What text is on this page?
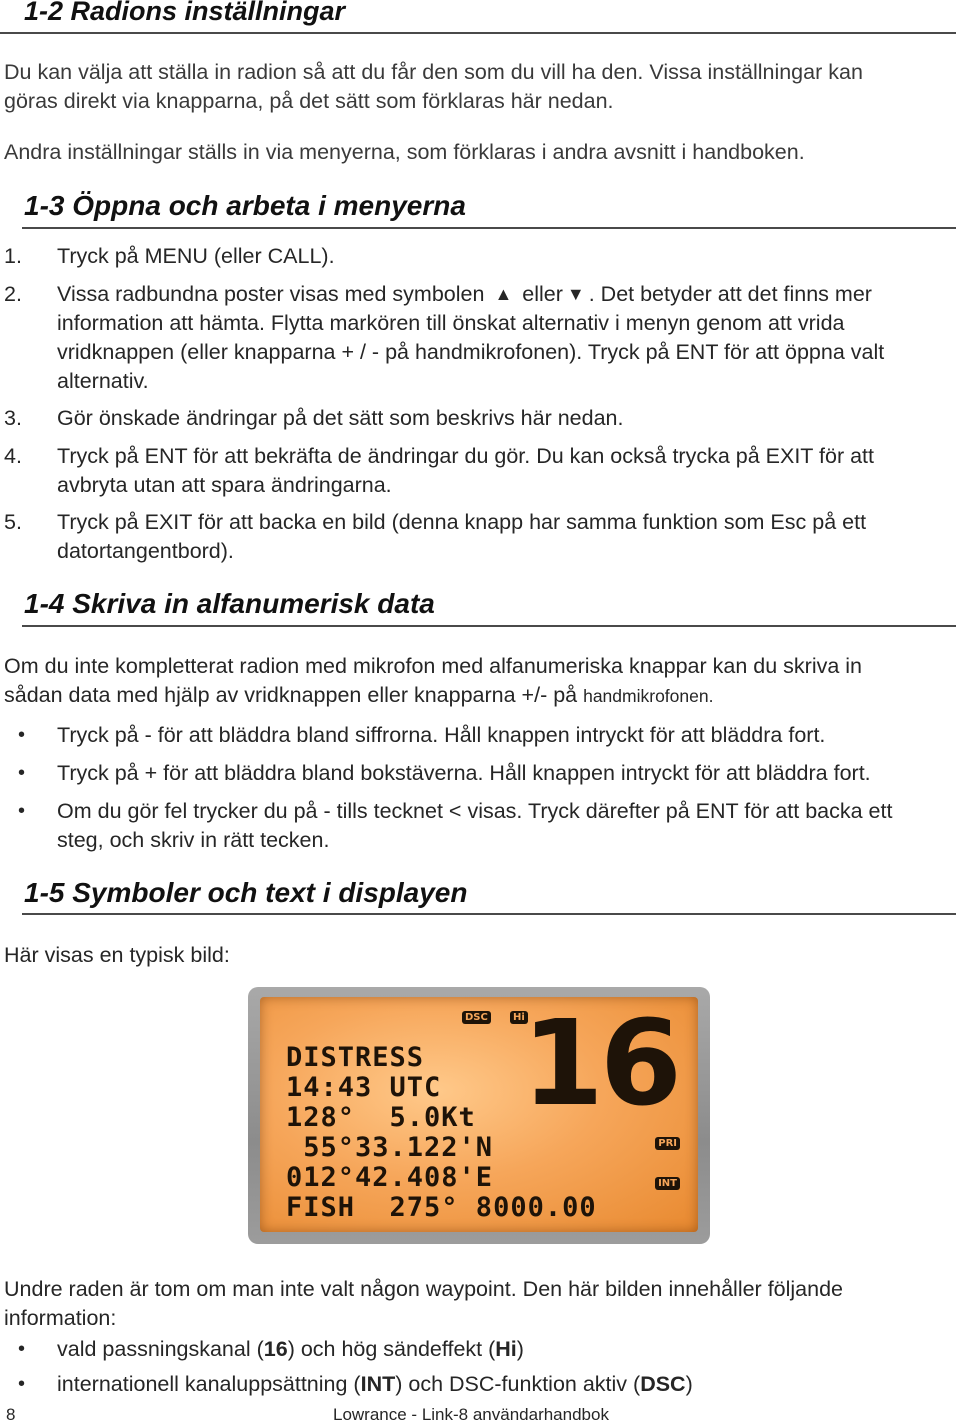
1-2 Radions inställningar
Du kan välja att ställa in radion så att du får den som du vill ha den. Vissa inställningar kan
göras direkt via knapparna, på det sätt som förklaras här nedan.
Andra inställningar ställs in via menyerna, som förklaras i andra avsnitt i handboken.
1-3 Öppna och arbeta i menyerna
1. Tryck på MENU (eller CALL).
2. Vissa radbundna poster visas med symbolen ▲ eller ▼ . Det betyder att det finns mer
information att hämta. Flytta markören till önskat alternativ i menyn genom att vrida
vridknappen (eller knapparna + / - på handmikrofonen). Tryck på ENT för att öppna valt
alternativ.
3. Gör önskade ändringar på det sätt som beskrivs här nedan.
4. Tryck på ENT för att bekräfta de ändringar du gör. Du kan också trycka på EXIT för att
avbryta utan att spara ändringarna.
5. Tryck på EXIT för att backa en bild (denna knapp har samma funktion som Esc på ett
datortangentbord).
1-4 Skriva in alfanumerisk data
Om du inte kompletterat radion med mikrofon med alfanumeriska knappar kan du skriva in
sådan data med hjälp av vridknappen eller knapparna +/- på handmikrofonen.
• Tryck på - för att bläddra bland siffrorna. Håll knappen intryckt för att bläddra fort.
• Tryck på + för att bläddra bland bokstäverna. Håll knappen intryckt för att bläddra fort.
• Om du gör fel trycker du på - tills tecknet < visas. Tryck därefter på ENT för att backa ett
steg, och skriv in rätt tecken.
1-5 Symboler och text i displayen
Här visas en typisk bild:
DSC	Hi
16
PRI
INT
DISTRESS
14:43 UTC
128°  5.0Kt
55°33.122'N
012°42.408'E
FISH  275° 8000.00
Undre raden är tom om man inte valt någon waypoint. Den här bilden innehåller följande
information:
• vald passningskanal (16) och hög sändeffekt (Hi)
• internationell kanaluppsättning (INT) och DSC-funktion aktiv (DSC)
8	Lowrance - Link-8 användarhandbok
